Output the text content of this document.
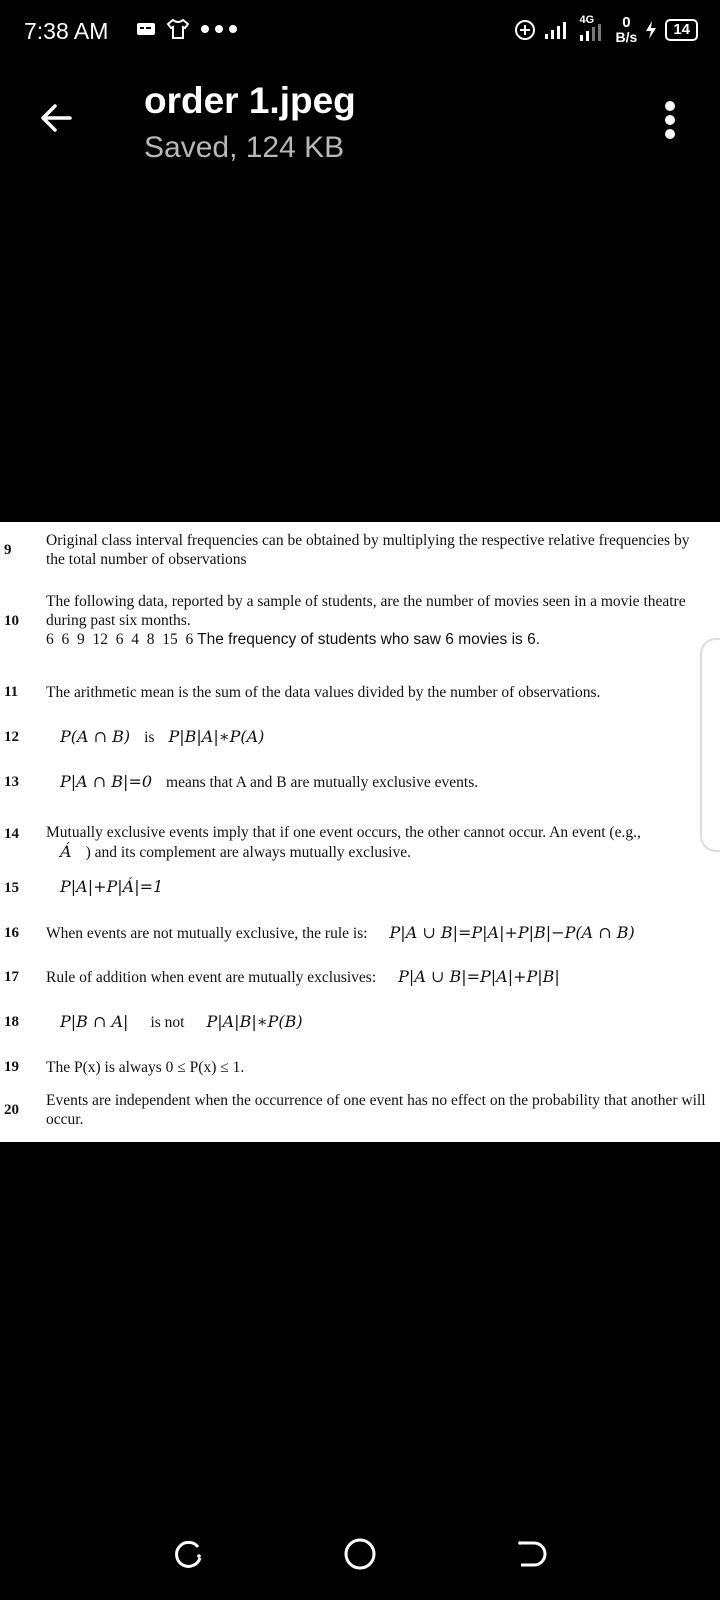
7:38 AM	4G	0
B/s	14
order 1.jpeg
Saved, 124 KB
9
Original class interval frequencies can be obtained by multiplying the respective relative frequencies by the total number of observations
10
The following data, reported by a sample of students, are the number of movies seen in a movie theatre during past six months.
6  6  9  12  6  4  8  15  6 The frequency of students who saw 6 movies is 6.
11 The arithmetic mean is the sum of the data values divided by the number of observations.
12	P(A ∩ B) is P|B|A|∗P(A)
13	P|A ∩ B|=0 means that A and B are mutually exclusive events.
14 Mutually exclusive events imply that if one event occurs, the other cannot occur. An event (e.g.,
Á ) and its complement are always mutually exclusive.
15	P|A|+P|Á|=1
16 When events are not mutually exclusive, the rule is: P|A ∪ B|=P|A|+P|B|−P(A ∩ B)
17 Rule of addition when event are mutually exclusives: P|A ∪ B|=P|A|+P|B|
18	P|B ∩ A| is not P|A|B|∗P(B)
19 The P(x) is always 0 ≤ P(x) ≤ 1.
20
Events are independent when the occurrence of one event has no effect on the probability that another will occur.
